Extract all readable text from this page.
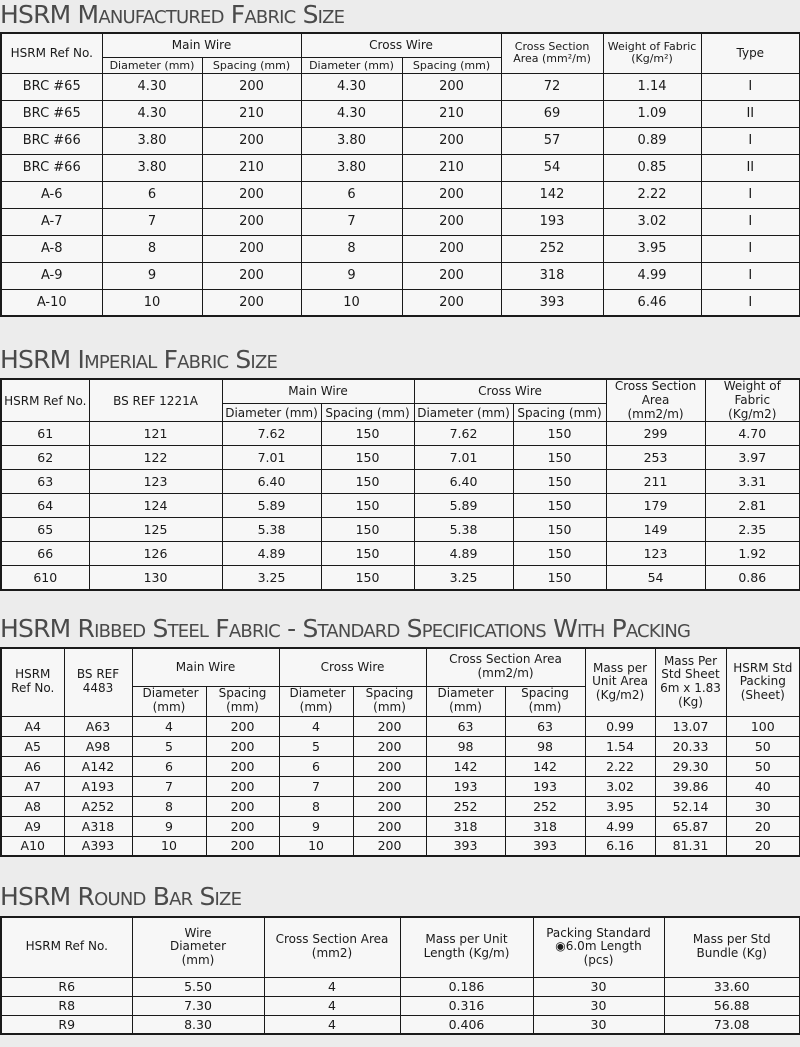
HSRM Manufactured Fabric Size
HSRM Ref No.	Main Wire		Cross Wire		Cross Section Area (mm²/m)	Weight of Fabric (Kg/m²)	Type
	Diameter (mm)	Spacing (mm)	Diameter (mm)	Spacing (mm)			
BRC #65	4.30	200	4.30	200	72	1.14	I
BRC #65	4.30	210	4.30	210	69	1.09	II
BRC #66	3.80	200	3.80	200	57	0.89	I
BRC #66	3.80	210	3.80	210	54	0.85	II
A-6	6	200	6	200	142	2.22	I
A-7	7	200	7	200	193	3.02	I
A-8	8	200	8	200	252	3.95	I
A-9	9	200	9	200	318	4.99	I
A-10	10	200	10	200	393	6.46	I
HSRM Imperial Fabric Size
HSRM Ref No.	BS REF 1221A	Main Wire		Cross Wire		Cross Section Area (mm2/m)	Weight of Fabric (Kg/m2)
		Diameter (mm)	Spacing (mm)	Diameter (mm)	Spacing (mm)		
61	121	7.62	150	7.62	150	299	4.70
62	122	7.01	150	7.01	150	253	3.97
63	123	6.40	150	6.40	150	211	3.31
64	124	5.89	150	5.89	150	179	2.81
65	125	5.38	150	5.38	150	149	2.35
66	126	4.89	150	4.89	150	123	1.92
610	130	3.25	150	3.25	150	54	0.86
HSRM Ribbed Steel Fabric - Standard Specifications With Packing
HSRM Ref No.	BS REF 4483	Main Wire		Cross Wire		Cross Section Area (mm2/m)		Mass per Unit Area (Kg/m2)	Mass Per Std Sheet 6m x 1.83 (Kg)	HSRM Std Packing (Sheet)
		Diameter (mm)	Spacing (mm)	Diameter (mm)	Spacing (mm)	Diameter (mm)	Spacing (mm)			
A4	A63	4	200	4	200	63	63	0.99	13.07	100
A5	A98	5	200	5	200	98	98	1.54	20.33	50
A6	A142	6	200	6	200	142	142	2.22	29.30	50
A7	A193	7	200	7	200	193	193	3.02	39.86	40
A8	A252	8	200	8	200	252	252	3.95	52.14	30
A9	A318	9	200	9	200	318	318	4.99	65.87	20
A10	A393	10	200	10	200	393	393	6.16	81.31	20
HSRM Round Bar Size
HSRM Ref No.	Wire Diameter (mm)	Cross Section Area (mm2)	Mass per Unit Length (Kg/m)	Packing Standard ◉6.0m Length (pcs)	Mass per Std Bundle (Kg)
R6	5.50	4	0.186	30	33.60
R8	7.30	4	0.316	30	56.88
R9	8.30	4	0.406	30	73.08
